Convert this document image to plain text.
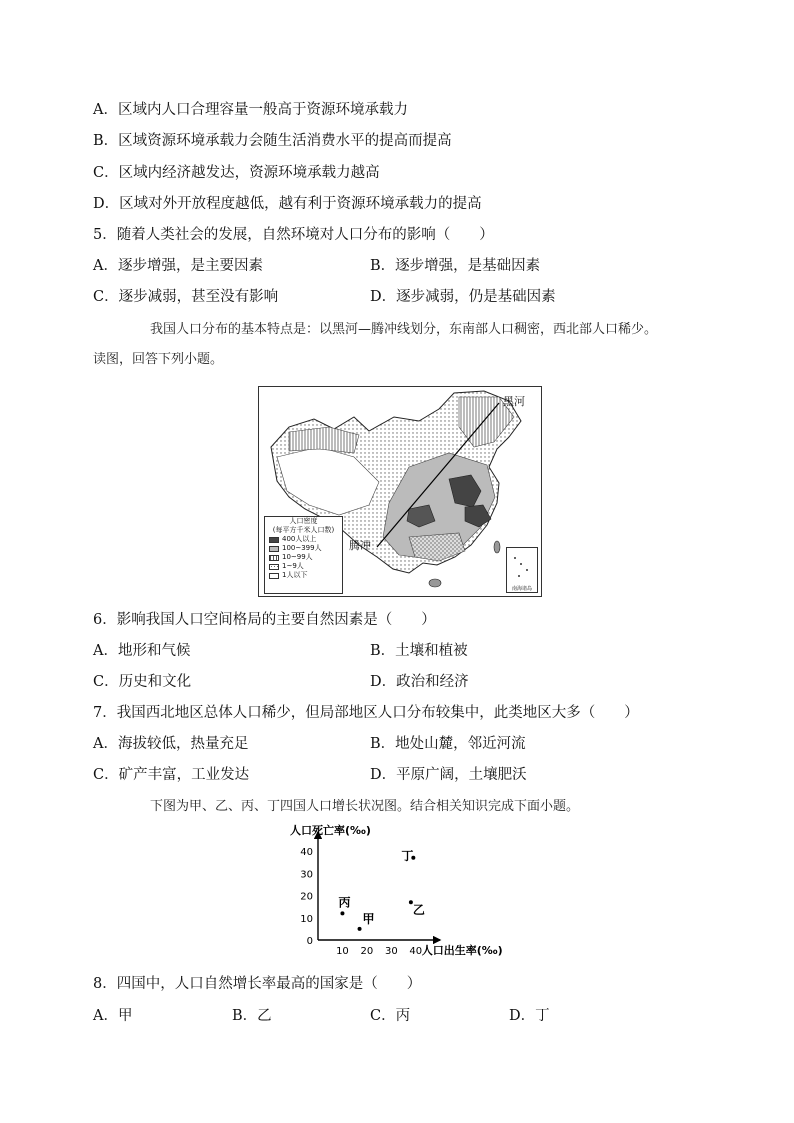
A．区域内人口合理容量一般高于资源环境承载力
B．区域资源环境承载力会随生活消费水平的提高而提高
C．区域内经济越发达，资源环境承载力越高
D．区域对外开放程度越低，越有利于资源环境承载力的提高
5．随着人类社会的发展，自然环境对人口分布的影响（　　）
A．逐步增强，是主要因素	B．逐步增强，是基础因素
C．逐步减弱，甚至没有影响	D．逐步减弱，仍是基础因素
我国人口分布的基本特点是：以黑河—腾冲线划分，东南部人口稠密，西北部人口稀少。
读图，回答下列小题。
黑河
腾冲
人口密度
(每平方千米人口数)
400人以上
100~399人
10~99人
1~9人
1人以下
南海诸岛
6．影响我国人口空间格局的主要自然因素是（　　）
A．地形和气候	B．土壤和植被
C．历史和文化	D．政治和经济
7．我国西北地区总体人口稀少，但局部地区人口分布较集中，此类地区大多（　　）
A．海拔较低，热量充足	B．地处山麓，邻近河流
C．矿产丰富，工业发达	D．平原广阔，土壤肥沃
下图为甲、乙、丙、丁四国人口增长状况图。结合相关知识完成下面小题。
0
10
20
30
40
10 20 30 40
人口死亡率(‰)
人口出生率(‰)
丙
甲
乙
丁
8．四国中，人口自然增长率最高的国家是（　　）
A．甲	B．乙	C．丙	D．丁
